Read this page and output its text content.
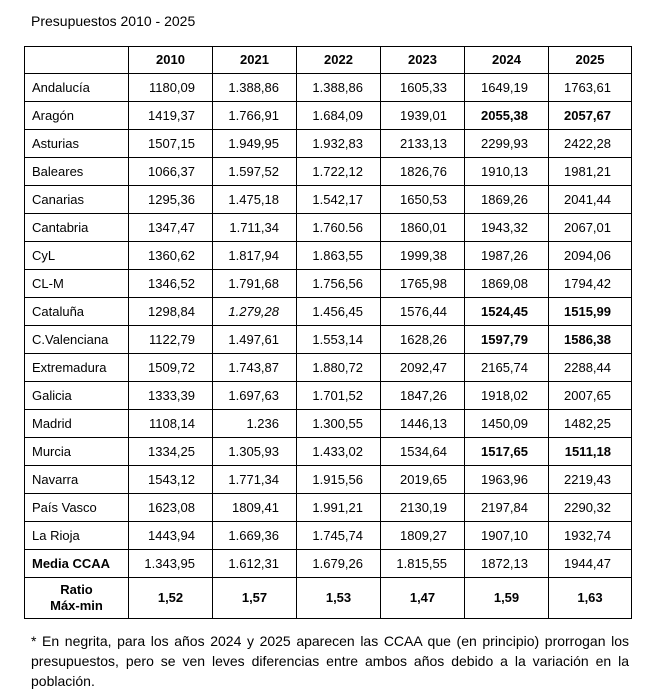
Presupuestos 2010 - 2025
	2010	2021	2022	2023	2024	2025
Andalucía	1180,09	1.388,86	1.388,86	1605,33	1649,19	1763,61
Aragón	1419,37	1.766,91	1.684,09	1939,01	2055,38	2057,67
Asturias	1507,15	1.949,95	1.932,83	2133,13	2299,93	2422,28
Baleares	1066,37	1.597,52	1.722,12	1826,76	1910,13	1981,21
Canarias	1295,36	1.475,18	1.542,17	1650,53	1869,26	2041,44
Cantabria	1347,47	1.711,34	1.760.56	1860,01	1943,32	2067,01
CyL	1360,62	1.817,94	1.863,55	1999,38	1987,26	2094,06
CL-M	1346,52	1.791,68	1.756,56	1765,98	1869,08	1794,42
Cataluña	1298,84	1.279,28	1.456,45	1576,44	1524,45	1515,99
C.Valenciana	1122,79	1.497,61	1.553,14	1628,26	1597,79	1586,38
Extremadura	1509,72	1.743,87	1.880,72	2092,47	2165,74	2288,44
Galicia	1333,39	1.697,63	1.701,52	1847,26	1918,02	2007,65
Madrid	1108,14	1.236	1.300,55	1446,13	1450,09	1482,25
Murcia	1334,25	1.305,93	1.433,02	1534,64	1517,65	1511,18
Navarra	1543,12	1.771,34	1.915,56	2019,65	1963,96	2219,43
País Vasco	1623,08	1809,41	1.991,21	2130,19	2197,84	2290,32
La Rioja	1443,94	1.669,36	1.745,74	1809,27	1907,10	1932,74
Media CCAA	1.343,95	1.612,31	1.679,26	1.815,55	1872,13	1944,47
Ratio
Máx-min	1,52	1,57	1,53	1,47	1,59	1,63
* En negrita, para los años 2024 y 2025 aparecen las CCAA que (en principio) prorrogan los presupuestos, pero se ven leves diferencias entre ambos años debido a la variación en la población.
